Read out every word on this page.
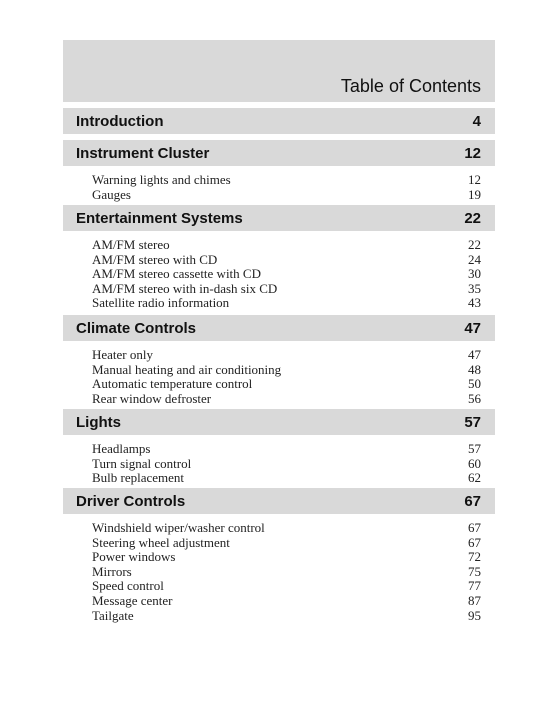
Table of Contents
Introduction	4
Instrument Cluster	12
Warning lights and chimes	12
Gauges	19
Entertainment Systems	22
AM/FM stereo	22
AM/FM stereo with CD	24
AM/FM stereo cassette with CD	30
AM/FM stereo with in-dash six CD	35
Satellite radio information	43
Climate Controls	47
Heater only	47
Manual heating and air conditioning	48
Automatic temperature control	50
Rear window defroster	56
Lights	57
Headlamps	57
Turn signal control	60
Bulb replacement	62
Driver Controls	67
Windshield wiper/washer control	67
Steering wheel adjustment	67
Power windows	72
Mirrors	75
Speed control	77
Message center	87
Tailgate	95
